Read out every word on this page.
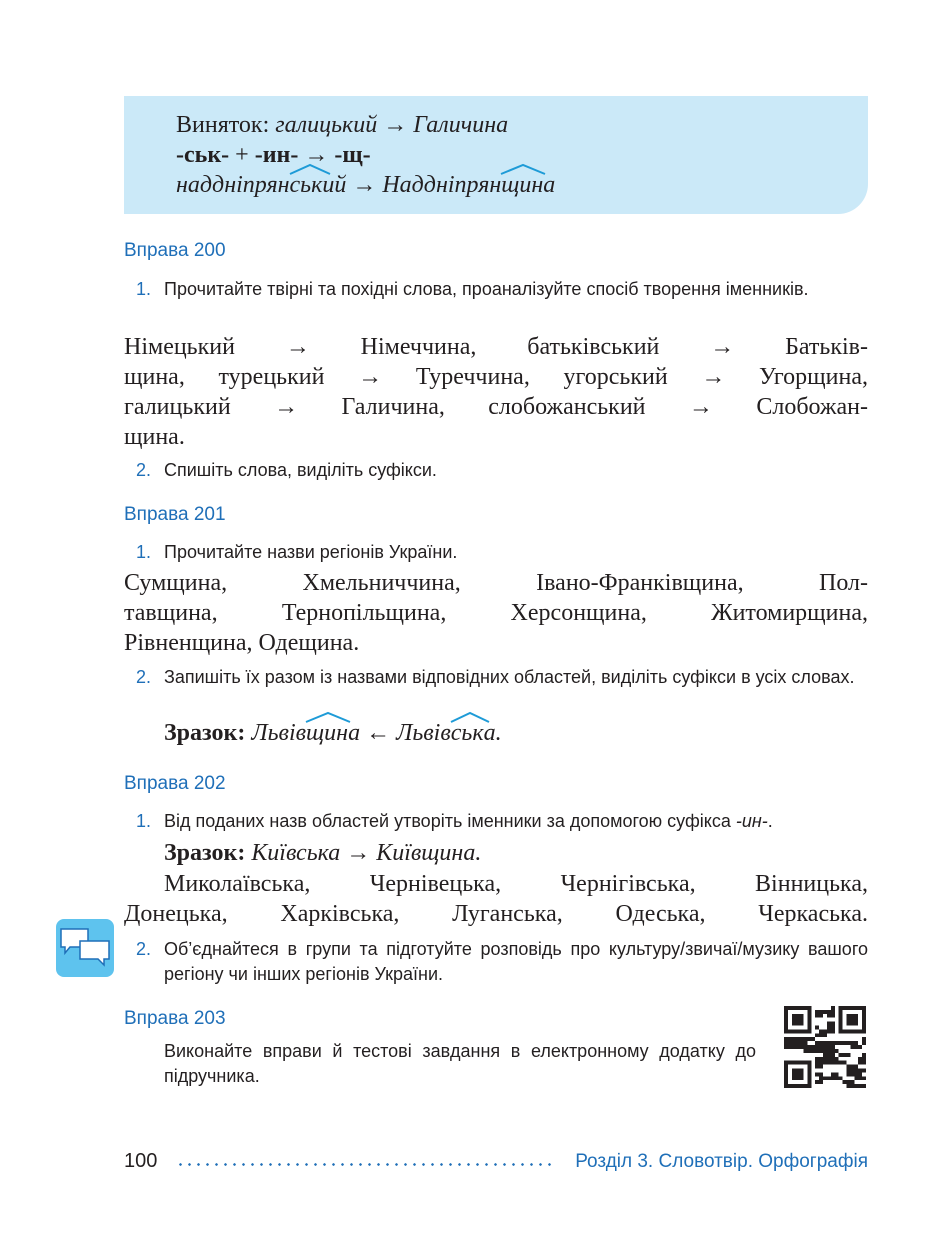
Виняток: галицький → Галичина
-ськ- + -ин- → -щ-
наддніпрян
ський → Наддніпрян
щина
Вправа 200
1. Прочитайте твірні та похідні слова, проаналізуйте спосіб творення іменників.
Німецький → Німеччина, батьківський → Батьків-
щина, турецький → Туреччина, угорський → Угорщина,
галицький → Галичина, слобожанський → Слобожан-
щина.
2. Спишіть слова, виділіть суфікси.
Вправа 201
1. Прочитайте назви регіонів України.
Сумщина, Хмельниччина, Івано-Франківщина, Пол-
тавщина, Тернопільщина, Херсонщина, Житомирщина,
Рівненщина, Одещина.
2. Запишіть їх разом із назвами відповідних областей, виділіть суфікси в усіх словах.
Зразок: Львів
щина ← Львів
ська.
Вправа 202
1. Від поданих назв областей утворіть іменники за допомогою суфікса -ин-.
Зразок: Київська → Київщина.
Миколаївська, Чернівецька, Чернігівська, Вінницька,
Донецька, Харківська, Луганська, Одеська, Черкаська.
2. Об’єднайтеся в групи та підготуйте розповідь про культуру/звичаї/музику вашого регіону чи інших регіонів України.
Вправа 203
Виконайте вправи й тестові завдання в електронному додатку до підручника.
100	Розділ 3. Словотвір. Орфографія
